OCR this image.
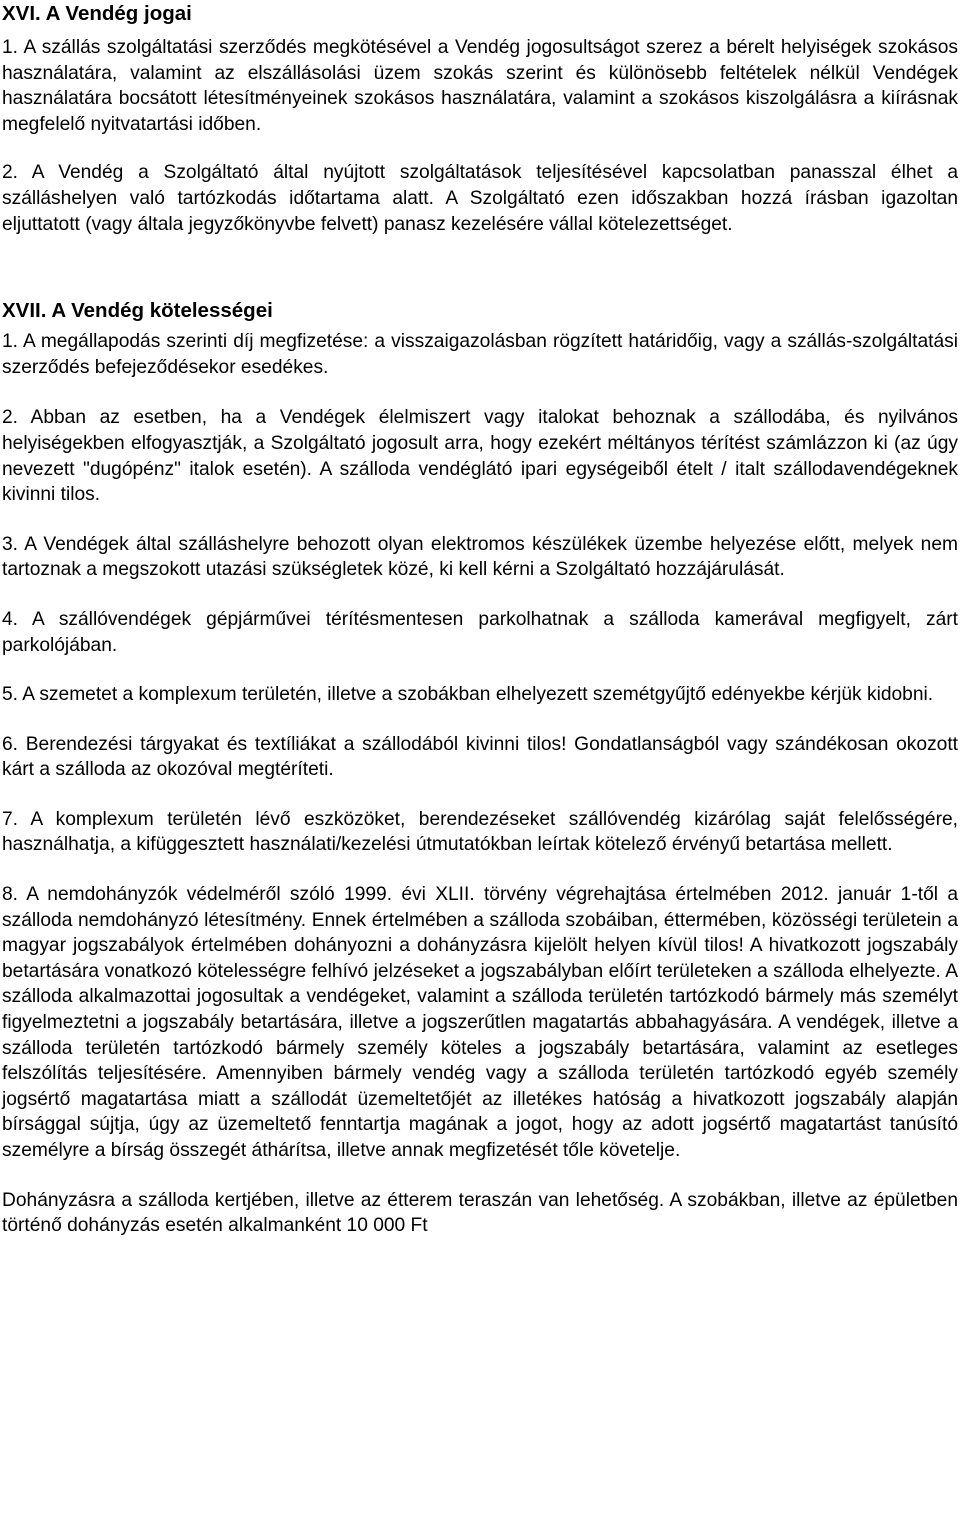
XVI. A Vendég jogai

1. A szállás szolgáltatási szerződés megkötésével a Vendég jogosultságot szerez a bérelt helyiségek szokásos használatára, valamint az elszállásolási üzem szokás szerint és különösebb feltételek nélkül Vendégek használatára bocsátott létesítményeinek szokásos használatára, valamint a szokásos kiszolgálásra a kiírásnak megfelelő nyitvatartási időben.

2. A Vendég a Szolgáltató által nyújtott szolgáltatások teljesítésével kapcsolatban panasszal élhet a szálláshelyen való tartózkodás időtartama alatt. A Szolgáltató ezen időszakban hozzá írásban igazoltan eljuttatott (vagy általa jegyzőkönyvbe felvett) panasz kezelésére vállal kötelezettséget.

XVII. A Vendég kötelességei

1. A megállapodás szerinti díj megfizetése: a visszaigazolásban rögzített határidőig, vagy a szállás-szolgáltatási szerződés befejeződésekor esedékes.

2. Abban az esetben, ha a Vendégek élelmiszert vagy italokat behoznak a szállodába, és nyilvános helyiségekben elfogyasztják, a Szolgáltató jogosult arra, hogy ezekért méltányos térítést számlázzon ki (az úgy nevezett "dugópénz" italok esetén). A szálloda vendéglátó ipari egységeiből ételt / italt szállodavendégeknek kivinni tilos.

3. A Vendégek által szálláshelyre behozott olyan elektromos készülékek üzembe helyezése előtt, melyek nem tartoznak a megszokott utazási szükségletek közé, ki kell kérni a Szolgáltató hozzájárulását.

4. A szállóvendégek gépjárművei térítésmentesen parkolhatnak a szálloda kamerával megfigyelt, zárt parkolójában.

5. A szemetet a komplexum területén, illetve a szobákban elhelyezett szemétgyűjtő edényekbe kérjük kidobni.

6. Berendezési tárgyakat és textíliákat a szállodából kivinni tilos! Gondatlanságból vagy szándékosan okozott kárt a szálloda az okozóval megtéríteti.

7. A komplexum területén lévő eszközöket, berendezéseket szállóvendég kizárólag saját felelősségére, használhatja, a kifüggesztett használati/kezelési útmutatókban leírtak kötelező érvényű betartása mellett.

8. A nemdohányzók védelméről szóló 1999. évi XLII. törvény végrehajtása értelmében 2012. január 1-től a szálloda nemdohányzó létesítmény. Ennek értelmében a szálloda szobáiban, éttermében, közösségi területein a magyar jogszabályok értelmében dohányozni a dohányzásra kijelölt helyen kívül tilos! A hivatkozott jogszabály betartására vonatkozó kötelességre felhívó jelzéseket a jogszabályban előírt területeken a szálloda elhelyezte. A szálloda alkalmazottai jogosultak a vendégeket, valamint a szálloda területén tartózkodó bármely más személyt figyelmeztetni a jogszabály betartására, illetve a jogszerűtlen magatartás abbahagyására. A vendégek, illetve a szálloda területén tartózkodó bármely személy köteles a jogszabály betartására, valamint az esetleges felszólítás teljesítésére. Amennyiben bármely vendég vagy a szálloda területén tartózkodó egyéb személy jogsértő magatartása miatt a szállodát üzemeltetőjét az illetékes hatóság a hivatkozott jogszabály alapján bírsággal sújtja, úgy az üzemeltető fenntartja magának a jogot, hogy az adott jogsértő magatartást tanúsító személyre a bírság összegét áthárítsa, illetve annak megfizetését tőle követelje.

Dohányzásra a szálloda kertjében, illetve az étterem teraszán van lehetőség. A szobákban, illetve az épületben történő dohányzás esetén alkalmanként 10 000 Ft
